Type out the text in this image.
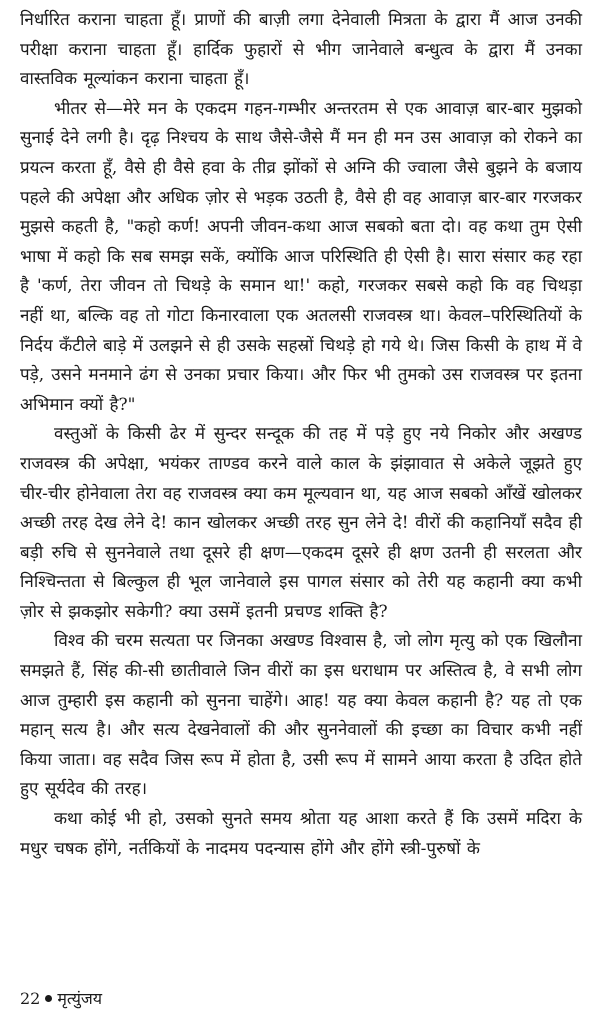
निर्धारित कराना चाहता हूँ। प्राणों की बाज़ी लगा देनेवाली मित्रता के द्वारा मैं आज उनकी परीक्षा कराना चाहता हूँ। हार्दिक फुहारों से भीग जानेवाले बन्धुत्व के द्वारा मैं उनका वास्तविक मूल्यांकन कराना चाहता हूँ।

भीतर से—मेरे मन के एकदम गहन-गम्भीर अन्तरतम से एक आवाज़ बार-बार मुझको सुनाई देने लगी है। दृढ़ निश्चय के साथ जैसे-जैसे मैं मन ही मन उस आवाज़ को रोकने का प्रयत्न करता हूँ, वैसे ही वैसे हवा के तीव्र झोंकों से अग्नि की ज्वाला जैसे बुझने के बजाय पहले की अपेक्षा और अधिक ज़ोर से भड़क उठती है, वैसे ही वह आवाज़ बार-बार गरजकर मुझसे कहती है, "कहो कर्ण! अपनी जीवन-कथा आज सबको बता दो। वह कथा तुम ऐसी भाषा में कहो कि सब समझ सकें, क्योंकि आज परिस्थिति ही ऐसी है। सारा संसार कह रहा है 'कर्ण, तेरा जीवन तो चिथड़े के समान था!' कहो, गरजकर सबसे कहो कि वह चिथड़ा नहीं था, बल्कि वह तो गोटा किनारवाला एक अतलसी राजवस्त्र था। केवल–परिस्थितियों के निर्दय कँटीले बाड़े में उलझने से ही उसके सहस्रों चिथड़े हो गये थे। जिस किसी के हाथ में वे पड़े, उसने मनमाने ढंग से उनका प्रचार किया। और फिर भी तुमको उस राजवस्त्र पर इतना अभिमान क्यों है?"

वस्तुओं के किसी ढेर में सुन्दर सन्दूक की तह में पड़े हुए नये निकोर और अखण्ड राजवस्त्र की अपेक्षा, भयंकर ताण्डव करने वाले काल के झंझावात से अकेले जूझते हुए चीर-चीर होनेवाला तेरा वह राजवस्त्र क्या कम मूल्यवान था, यह आज सबको आँखें खोलकर अच्छी तरह देख लेने दे! कान खोलकर अच्छी तरह सुन लेने दे! वीरों की कहानियाँ सदैव ही बड़ी रुचि से सुननेवाले तथा दूसरे ही क्षण—एकदम दूसरे ही क्षण उतनी ही सरलता और निश्चिन्तता से बिल्कुल ही भूल जानेवाले इस पागल संसार को तेरी यह कहानी क्या कभी ज़ोर से झकझोर सकेगी? क्या उसमें इतनी प्रचण्ड शक्ति है?

विश्व की चरम सत्यता पर जिनका अखण्ड विश्वास है, जो लोग मृत्यु को एक खिलौना समझते हैं, सिंह की-सी छातीवाले जिन वीरों का इस धराधाम पर अस्तित्व है, वे सभी लोग आज तुम्हारी इस कहानी को सुनना चाहेंगे। आह! यह क्या केवल कहानी है? यह तो एक महान् सत्य है। और सत्य देखनेवालों की और सुननेवालों की इच्छा का विचार कभी नहीं किया जाता। वह सदैव जिस रूप में होता है, उसी रूप में सामने आया करता है उदित होते हुए सूर्यदेव की तरह।

कथा कोई भी हो, उसको सुनते समय श्रोता यह आशा करते हैं कि उसमें मदिरा के मधुर चषक होंगे, नर्तकियों के नादमय पदन्यास होंगे और होंगे स्त्री-पुरुषों के

22 मृत्युंजय
